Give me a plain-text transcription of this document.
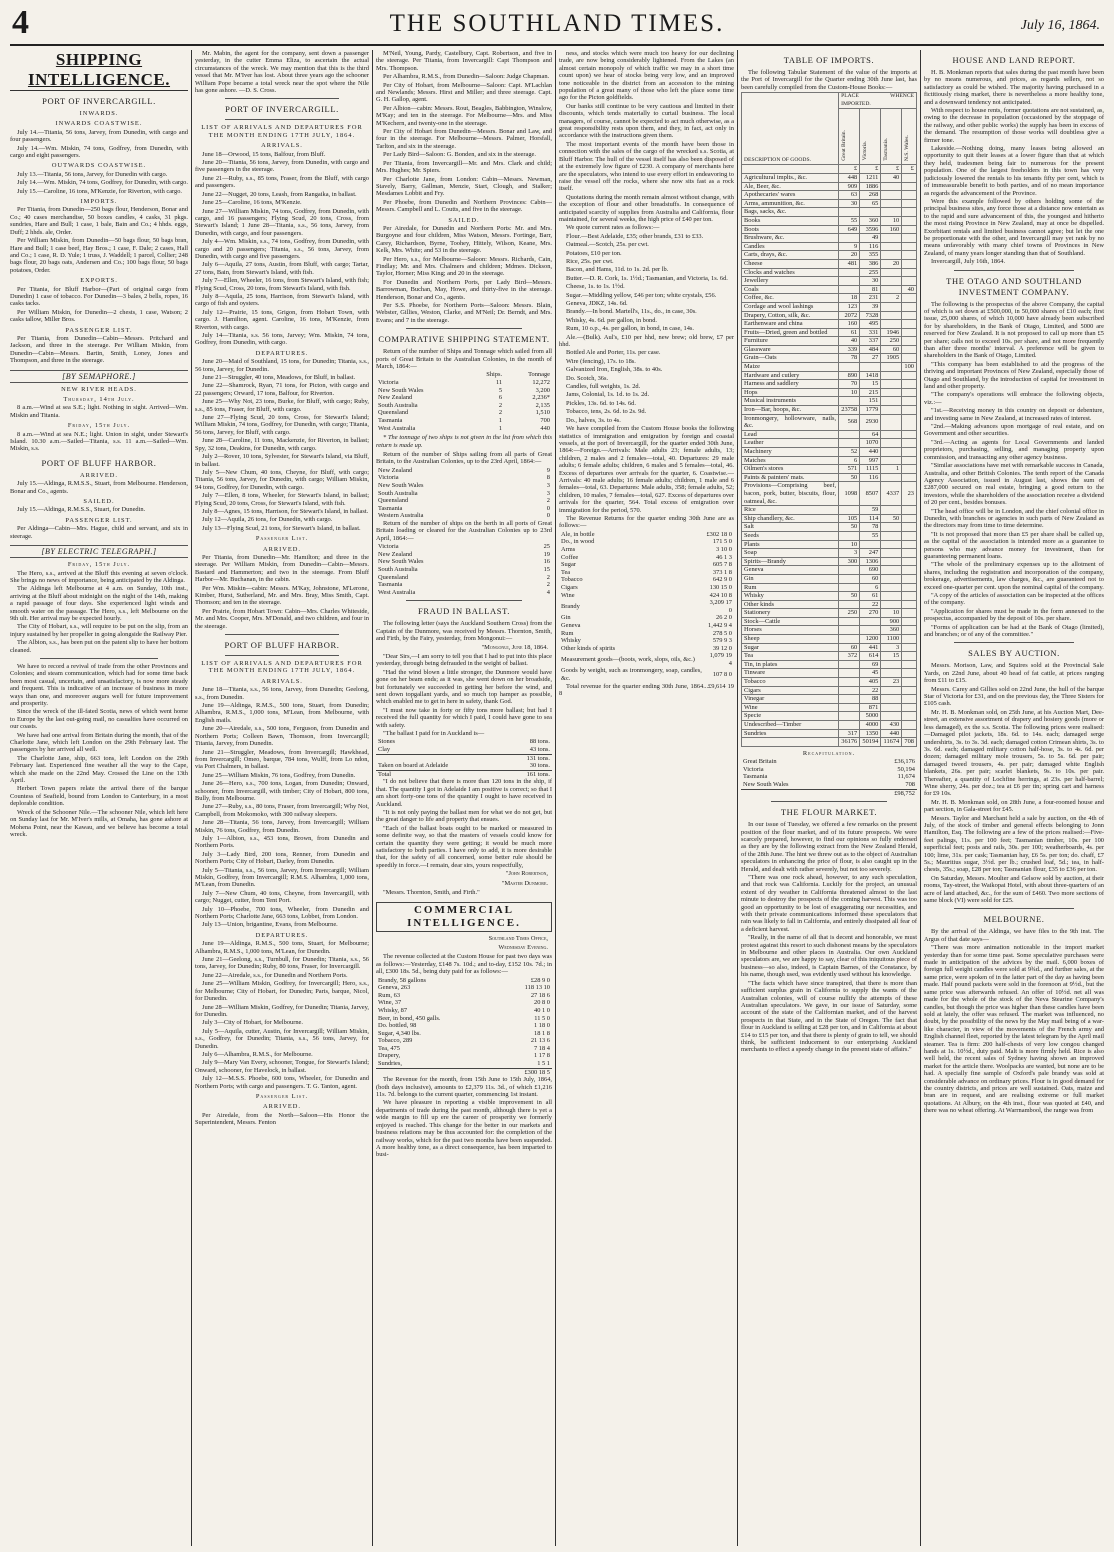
4	THE SOUTHLAND TIMES.	July 16, 1864.
SHIPPING INTELLIGENCE.
PORT OF INVERCARGILL.
INWARDS.
INWARDS COASTWISE.

July 14.—Titania, 56 tons, Jarvey, from Dunedin, with cargo and four passengers.

July 14.—Wm. Miskin, 74 tons, Godfrey, from Dunedin, with cargo and eight passengers.

OUTWARDS COASTWISE.

July 13.—Titania, 56 tons, Jarvey, for Dunedin with cargo.

July 14.—Wm. Miskin, 74 tons, Godfrey, for Dunedin, with cargo.

July 15.—Caroline, 16 tons, M'Kenzie, for Riverton, with cargo.

IMPORTS.

Per Titania, from Dunedin—250 bags flour, Henderson, Bonar and Co.; 40 cases merchandise, 50 boxes candles, 4 casks, 31 pkgs. sundries, Hare and Bull; 1 case, 1 bale, Bain and Co.; 4 hhds. eggs, Duff; 2 hhds. ale, Order.

Per William Miskin, from Dunedin—50 bags flour, 50 bags bran, Hare and Bull; 1 case beef, Hay Bros.; 1 case, F. Dale; 2 cases, Hall and Co.; 1 case, R. D. Yule; 1 truss, J. Waddell; 1 parcel, Collier; 248 bags flour, 20 bags oats, Andersen and Co.; 100 bags flour, 50 bags potatoes, Order.

EXPORTS.

Per Titania, for Bluff Harbor—(Part of original cargo from Dunedin) 1 case of tobacco. For Dunedin—3 bales, 2 bells, ropes, 16 casks tacks.

Per William Miskin, for Dunedin—2 chests, 1 case, Watson; 2 casks tallow, Miller Bros.

PASSENGER LIST.

Per Titania, from Dunedin—Cabin—Messrs. Pritchard and Jackson, and three in the steerage. Per William Miskin, from Dunedin—Cabin—Messrs. Bartin, Smith, Loney, Jones and Thompson, and three in the steerage.

[BY SEMAPHORE.]
NEW RIVER HEADS.
Thursday, 14th July.

8 a.m.—Wind at sea S.E.; light. Nothing in sight. Arrived—Wm. Miskin and Titania.

Friday, 15th July.

8 a.m.—Wind at sea N.E.; light. Union in sight, under Stewart's Island. 10.30 a.m.—Sailed—Titania, s.s. 11 a.m.—Sailed—Wm. Miskin, s.s.

PORT OF BLUFF HARBOR.
ARRIVED.

July 15.—Aldinga, R.M.S.S., Stuart, from Melbourne. Henderson, Bonar and Co., agents.

SAILED.

July 15.—Aldinga, R.M.S.S., Stuart, for Dunedin.

PASSENGER LIST.

Per Aldinga—Cabin—Mrs. Hague, child and servant, and six in steerage.

[BY ELECTRIC TELEGRAPH.]
Friday, 15th July.

The Hero, s.s., arrived at the Bluff this evening at seven o'clock. She brings no news of importance, being anticipated by the Aldinga.

The Aldinga left Melbourne at 4 a.m. on Sunday, 10th inst., arriving at the Bluff about midnight on the night of the 14th, making a rapid passage of four days. She experienced light winds and smooth water on the passage. The Hero, s.s., left Melbourne on the 9th ult. Her arrival may be expected hourly.

The City of Hobart, s.s., will require to be put on the slip, from an injury sustained by her propeller in going alongside the Railway Pier.

The Albion, s.s., has been put on the patent slip to have her bottom cleaned.

We have to record a revival of trade from the other Provinces and Colonies; and steam communication, which had for some time back been most casual, uncertain, and unsatisfactory, is now more steady and frequent. This is indicative of an increase of business in more ways than one, and moreover augurs well for future improvement and prosperity.

Since the wreck of the ill-fated Scotia, news of which went home to Europe by the last out-going mail, no casualties have occurred on our coasts.

We have had one arrival from Britain during the month, that of the Charlotte Jane, which left London on the 29th February last. The passengers by her arrived all well.

The Charlotte Jane, ship, 663 tons, left London on the 29th February last. Experienced fine weather all the way to the Cape, which she made on the 22nd May. Crossed the Line on the 13th April.

Herbert Town papers relate the arrival there of the barque Countess of Seafield, bound from London to Canterbury, in a most deplorable condition.

Wreck of the Schooner Nile.—The schooner Nile, which left here on Sunday last for Mr. M'Iver's mills, at Omaha, has gone ashore at Mohena Point, near the Kawau, and we believe has become a total wreck.

Mr. Mabin, the agent for the company, sent down a passenger yesterday, in the cutter Emma Eliza, to ascertain the actual circumstances of the wreck. We may mention that this is the third vessel that Mr. M'Iver has lost. About three years ago the schooner William Pope became a total wreck near the spot where the Nile has gone ashore. —D. S. Cross.

PORT OF INVERCARGILL.
LIST OF ARRIVALS AND DEPARTURES FOR THE MONTH ENDING 17TH JULY, 1864.
ARRIVALS.

June 18—Orwood, 15 tons, Balfour, from Bluff.

June 20—Titania, 56 tons, Jarvey, from Dunedin, with cargo and five passengers in the steerage.

June 21—Ruby, s.s., 85 tons, Fraser, from the Bluff, with cargo and passengers.

June 22—Nugget, 20 tons, Leash, from Rangaika, in ballast.

June 25—Caroline, 16 tons, M'Kenzie.

June 27—William Miskin, 74 tons, Godfrey, from Dunedin, with cargo, and 16 passengers; Flying Scud, 20 tons, Cross, from Stewart's Island; 1 June 28—Titania, s.s., 56 tons, Jarvey, from Dunedin, with cargo, and four passengers.

July 4—Wm. Miskin, s.s., 74 tons, Godfrey, from Dunedin, with cargo and 20 passengers; Titania, s.s., 56 tons, Jarvey, from Dunedin, with cargo and five passengers.

July 6—Aquila, 27 tons, Austin, from Bluff, with cargo; Tartar, 27 tons, Bain, from Stewart's Island, with fish.

July 7—Ellen, Wheeler, 16 tons, from Stewart's Island, with fish; Flying Scud, Cross, 20 tons, from Stewart's Island, with fish.

July 8—Aquila, 25 tons, Harrison, from Stewart's Island, with cargo of fish and oysters.

July 12—Prairie, 15 tons, Grigon, from Hobart Town, with cargo. J. Hamilton, agent. Caroline, 16 tons, M'Kenzie, from Riverton, with cargo.

July 14—Titania, s.s. 56 tons, Jarvey; Wm. Miskin, 74 tons, Godfrey, from Dunedin, with cargo.

DEPARTURES.

June 20—Maid of Southland, 15 tons, for Dunedin; Titania, s.s., 56 tons, Jarvey, for Dunedin.

June 21—Struggler, 40 tons, Meadows, for Bluff, in ballast.

June 22—Shamrock, Ryan, 71 tons, for Picton, with cargo and 22 passengers; Orward, 17 tons, Balfour, for Riverton.

June 25—Why Not, 23 tons, Burke, for Bluff, with cargo; Ruby, s.s., 85 tons, Fraser, for Bluff, with cargo.

June 27—Flying Scud, 20 tons, Cross, for Stewart's Island; William Miskin, 74 tons, Godfrey, for Dunedin, with cargo; Titania, 56 tons, Jarvey, for Bluff, with cargo.

June 28—Caroline, 11 tons, Mackenzie, for Riverton, in ballast; Spy, 32 tons, Deakins, for Dunedin, with cargo.

July 2—Rover, 10 tons, Sylvester, for Stewart's Island, via Bluff, in ballast.

July 5—New Chum, 40 tons, Cheyne, for Bluff, with cargo; Titania, 56 tons, Jarvey, for Dunedin, with cargo; William Miskin, 94 tons, Godfrey, for Dunedin, with cargo.

July 7—Ellen, 8 tons, Wheeler, for Stewart's Island, in ballast; Flying Scud, 20 tons, Cross, for Stewart's Island, with fish.

July 8—Agnes, 15 tons, Harrison, for Stewart's Island, in ballast.

July 12—Aquila, 26 tons, for Dunedin, with cargo.

July 13—Flying Scud, 21 tons, for Stewart's Island, in ballast.

Passenger List.
ARRIVED.

Per Titania, from Dunedin—Mr. Hamilton; and three in the steerage. Per William Miskin, from Dunedin—Cabin—Messrs. Bastard and Hammerton; and two in the steerage. From Bluff Harbor—Mr. Buchanan, in the cabin.

Per Wm. Miskin—cabin: Messrs. M'Kay, Johnstone, M'Lerone, Kimber, Hurst, Sutherland, Mr. and Mrs. Bray, Miss Smith, Capt. Thomson; and ten in the steerage.

Per Prairie, from Hobart Town: Cabin—Mrs. Charles Whiteside, Mr. and Mrs. Cooper, Mrs. M'Donald, and two children, and four in the steerage.

PORT OF BLUFF HARBOR.
LIST OF ARRIVALS AND DEPARTURES FOR THE MONTH ENDING 17TH JULY, 1864.
ARRIVALS.

June 18—Titania, s.s., 56 tons, Jarvey, from Dunedin; Geelong, s.s., from Dunedin.

June 19—Aldinga, R.M.S., 500 tons, Stuart, from Dunedin; Alhambra, R.M.S., 1,000 tons, M'Lean, from Melbourne, with English mails.

June 20—Airedale, s.s., 500 tons, Ferguson, from Dunedin and Northern Ports; Colleen Bawn, Thomson, from Invercargill; Titania, Jarvey, from Dunedin.

June 21—Struggler, Meadows, from Invercargill; Hawkhead, from Invercargill; Omeo, barque, 784 tons, Wulff, from Lo ndon, via Port Chalmers, in ballast.

June 25—William Miskin, 76 tons, Godfrey, from Dunedin.

June 26—Hero, s.s., 700 tons, Logan, from Dunedin; Onward, schooner, from Invercargill, with timber; City of Hobart, 800 tons, Bully, from Melbourne.

June 27—Ruby, s.s., 80 tons, Fraser, from Invercargill; Why Not, Campbell, from Mokomoko, with 300 railway sleepers.

June 28—Titania, 56 tons, Jarvey, from Invercargill; William Miskin, 76 tons, Godfrey, from Dunedin.

July 1—Albion, s.s., 453 tons, Brown, from Dunedin and Northern Ports.

July 3—Lady Bird, 200 tons, Renner, from Dunedin and Northern Ports; City of Hobart, Darley, from Dunedin.

July 5—Titania, s.s., 56 tons, Jarvey, from Invercargill; William Miskin, Godfrey, from Invercargill; R.M.S. Alhambra, 1,000 tons, M'Lean, from Dunedin.

July 7—New Chum, 40 tons, Cheyne, from Invercargill, with cargo; Nugget, cutter, from Tent Port.

July 10—Phoebe, 700 tons, Wheeler, from Dunedin and Northern Ports; Charlotte Jane, 663 tons, Lobbet, from London.

July 13—Union, brigantine, Evans, from Melbourne.

DEPARTURES.

June 19—Aldinga, R.M.S., 500 tons, Stuart, for Melbourne; Alhambra, R.M.S., 1,000 tons, M'Lean, for Dunedin.

June 21—Geelong, s.s., Turnbull, for Dunedin; Titania, s.s., 56 tons, Jarvey, for Dunedin; Ruby, 80 tons, Fraser, for Invercargill.

June 22—Airedale, s.s., for Dunedin and Northern Ports.

June 25—William Miskin, Godfrey, for Invercargill; Hero, s.s., for Melbourne; City of Hobart, for Dunedin; Paris, barque, Nicol, for Dunedin.

June 28—William Miskin, Godfrey, for Dunedin; Titania, Jarvey, for Dunedin.

July 3—City of Hobart, for Melbourne.

July 5—Aquila, cutter, Austin, for Invercargill; William Miskin, s.s., Godfrey, for Dunedin; Titania, s.s., 56 tons, Jarvey, for Dunedin.

July 6—Alhambra, R.M.S., for Melbourne.

July 9—Mary Van Every, schooner, Tongue, for Stewart's Island; Onward, schooner, for Havelock, in ballast.

July 12—M.S.S. Phoebe, 600 tons, Wheeler, for Dunedin and Northern Ports; with cargo and passengers. T. G. Tanton, agent.

Passenger List.
ARRIVED.

Per Airedale, from the North—Saloon—His Honor the Superintendent, Messrs. Fenton

M'Neil, Young, Pardy, Castelbury, Capt. Robertson, and five in the steerage. Per Titania, from Invercargill: Capt Thompson and Mrs. Thompson.

Per Alhambra, R.M.S., from Dunedin—Saloon: Judge Chapman.

Per City of Hobart, from Melbourne—Saloon: Capt. M'Lachlan and Newlands; Messrs. Hirst and Miller; and three steerage. Capt. G. H. Gallop, agent.

Per Albion—cabin: Messrs. Rout, Beagles, Babbington, Winslow, M'Kay; and ten in the steerage. For Melbourne—Mrs. and Miss M'Kechern, and twenty-one in the steerage.

Per City of Hobart from Dunedin—Messrs. Bonar and Law, and four in the steerage. For Melbourne—Messrs. Palmer, Horsfall, Tarlton, and six in the steerage.

Per Lady Bird—Saloon: G. Bonden, and six in the steerage.

Per Titania, from Invercargill—Mr. and Mrs. Clark and child; Mrs. Hughes; Mr. Spiers.

Per Charlotte Jane, from London: Cabin—Messrs. Newman, Stavely, Barry, Gallman, Menzie, Start, Clough, and Stalker; Mesdames Lobbit and Fry.

Per Phoebe, from Dunedin and Northern Provinces: Cabin—Messrs. Campbell and L. Coutts, and five in the steerage.

SAILED.

Per Airedale, for Dunedin and Northern Ports: Mr. and Mrs. Burgoyne and four children, Miss Watson, Messrs. Fortinge, Barr, Carey, Richardson, Byrne, Toohey, Hittely, Wilson, Keane, Mrs. Kelk, Mrs. White; and 53 in the steerage.

Per Hero, s.s., for Melbourne—Saloon: Messrs. Richards, Cain, Findlay; Mr. and Mrs. Chalmers and children; Mdmes. Dickson, Taylor, Horner; Miss King; and 20 in the steerage.

For Dunedin and Northern Ports, per Lady Bird—Messrs. Barrowman, Buchan, May, Howe, and thirty-five in the steerage. Henderson, Bonar and Co., agents.

Per S.S. Phoebe, for Northern Ports—Saloon: Messrs. Blain, Webster, Gillies, Weston, Clarke, and M'Neil; Dr. Berndt, and Mrs. Evans; and 7 in the steerage.

COMPARATIVE SHIPPING STATEMENT.

Return of the number of Ships and Tonnage which sailed from all ports of Great Britain to the Australian Colonies, in the month of March, 1864:—

	Ships.	Tonnage
Victoria	11	12,272
New South Wales	5	3,200
New Zealand	6	2,236*
South Australia	2	2,135
Queensland	2	1,510
Tasmania	1	700
West Australia	1	440

* The tonnage of two ships is not given in the list from which this return is made up.

Return of the number of Ships sailing from all parts of Great Britain, to the Australian Colonies, up to the 23rd April, 1864:—

New Zealand	9
Victoria	8
New South Wales	3
South Australia	3
Queensland	2
Tasmania	0
Western Australia	0

Return of the number of ships on the berth in all ports of Great Britain loading or cleared for the Australian Colonies up to 23rd April, 1864:—

Victoria	25
New Zealand	19
New South Wales	16
South Australia	15
Queensland	2
Tasmania	2
West Australia	4
FRAUD IN BALLAST.

The following letter (says the Auckland Southern Cross) from the Captain of the Dunmore, was received by Messrs. Thornton, Smith, and Firth, by the Fairy, yesterday, from Mongonui:—

"Mongonui, June 18, 1864.

"Dear Sirs,—I am sorry to tell you that I had to put into this place yesterday, through being defrauded in the weight of ballast.

"Had the wind blown a little stronger, the Dunmore would have gone on her beam ends; as it was, she went down on her broadside, but fortunately we succeeded in getting her before the wind, and sent down topgallant yards, and so much top hamper as possible, which enabled me to get in here in safety, thank God.

"I must now take in forty or fifty tons more ballast; but had I received the full quantity for which I paid, I could have gone to sea with safety.

"The ballast I paid for in Auckland is—

Stones	88 tons.
Clay	43 tons.
	131 tons.
Taken on board at Adelaide	30 tons.
Total	161 tons.

"I do not believe that there is more than 120 tons in the ship, if that. The quantity I got in Adelaide I am positive is correct; so that I am short forty-one tons of the quantity I ought to have received in Auckland.

"It is not only paying the ballast men for what we do not get, but the great danger to life and property that ensues.

"Each of the ballast boats ought to be marked or measured in some definite way, so that the masters of vessels could know for certain the quantity they were getting; it would be much more satisfactory to both parties. I have only to add, it is more desirable that, for the safety of all concerned, some better rule should be speedily in force.—I remain, dear sirs, yours respectfully,

"John Robertson,

"Master Dunmore.

"Messrs. Thornton, Smith, and Firth."

COMMERCIAL INTELLIGENCE.

Southland Times Office,

Wednesday Evening.

The revenue collected at the Custom House for past two days was as follows:—Yesterday, £148 7s. 10d.; and to-day, £152 10s. 7d.; in all, £300 18s. 5d., being duty paid for as follows:—

Brandy, 58 gallons	£28 9 0
Geneva, 263	118 13 10
Rum, 63	27 18 6
Wine, 37	20 8 0
Whisky, 87	40 1 0
Beer, in bond, 450 galls.	11 5 0
Do. bottled, 98	1 18 0
Sugar, 4,340 lbs.	18 1 8
Tobacco, 289	21 13 6
Tea, 475	7 18 4
Drapery,	1 17 8
Sundries,	1 5 1
	£300 18 5

The Revenue for the month, from 15th June to 15th July, 1864, (both days inclusive), amounts to £2,379 11s. 3d., of which £1,216 11s. 7d. belongs to the current quarter, commencing 1st instant.

We have pleasure in reporting a visible improvement in all departments of trade during the past month, although there is yet a wide margin to fill up ere the career of prosperity we formerly enjoyed is reached. This change for the better in our markets and business relations may be thus accounted for: the completion of the railway works, which for the past two months have been suspended. A more healthy tone, as a direct consequence, has been imparted to busi-

ness, and stocks which were much too heavy for our declining trade, are now being considerably lightened. From the Lakes (an almost certain monopoly of which traffic we may in a short time count upon) we hear of stocks being very low, and an improved tone noticeable in the district from an accession to the mining population of a great many of those who left the place some time ago for the Picton goldfields.

Our banks still continue to be very cautious and limited in their discounts, which tends materially to curtail business. The local managers, of course, cannot be expected to act much otherwise, as a great responsibility rests upon them, and they, in fact, act only in accordance with the instructions given them.

The most important events of the month have been those in connection with the sales of the cargo of the wrecked s.s. Scotia, at Bluff Harbor. The hull of the vessel itself has also been disposed of at the extremely low figure of £230. A company of merchants here are the speculators, who intend to use every effort in endeavoring to raise the vessel off the rocks, where she now sits fast as a rock itself.

Quotations during the month remain almost without change, with the exception of flour and other breadstuffs. In consequence of anticipated scarcity of supplies from Australia and California, flour maintained, for several weeks, the high price of £40 per ton.

We quote current rates as follows:—

Flour.—Best Adelaide, £35; other brands, £31 to £33.

Oatmeal.—Scotch, 25s. per cwt.

Potatoes, £10 per ton.

Rice, 25s. per cwt.

Bacon, and Hams, 11d. to 1s. 2d. per lb.

Butter.—D. R. Cork, 1s. 1½d.; Tasmanian, and Victoria, 1s. 6d.

Cheese, 1s. to 1s. 1½d.

Sugar.—Middling yellow, £46 per ton; white crystals, £56.

Geneva, JDKZ, 14s. 6d.

Brandy.—In bond. Martell's, 11s., do., in case, 30s.

Whisky, 4s. 6d. per gallon, in bond.

Rum, 10 o.p., 4s. per gallon, in bond, in case, 14s.

Ale.—(Bulk). Aul's, £10 per hhd, new brew; old brew, £7 per hhd.

Bottled Ale and Porter, 11s. per case.

Wire (fencing), 17s. to 18s.

Galvanized Iron, English, 38s. to 40s.

Do. Scotch, 36s.

Candles, full weights, 1s. 2d.

Jams, Colonial, 1s. 1d. to 1s. 2d.

Pickles, 13s. 6d. to 14s. 6d.

Tobacco, tens, 2s. 6d. to 2s. 9d.

Do., halves, 3s. to 4s.

We have compiled from the Custom House books the following statistics of immigration and emigration by foreign and coastal vessels, at the port of Invercargill, for the quarter ended 30th June, 1864:—Foreign.—Arrivals: Male adults 23; female adults, 13; children, 2 males and 2 females—total, 40. Departures: 29 male adults; 6 female adults; children, 6 males and 5 females—total, 46. Excess of departures over arrivals for the quarter, 6. Coastwise.—Arrivals: 40 male adults; 16 female adults; children, 1 male and 6 females—total, 63. Departures: Male adults, 358; female adults, 52; children, 10 males, 7 females—total, 627. Excess of departures over arrivals for the quarter, 564. Total excess of emigration over immigration for the period, 570.

The Revenue Returns for the quarter ending 30th June are as follows:—

Ale, in bottle	£302 18 0
Do., in wood	171 5 0
Arms	3 10 0
Coffee	46 1 3
Sugar	605 7 8
Tea	373 1 8
Tobacco	642 9 0
Cigars	130 15 0
Wine	424 10 8
Brandy	3,209 17 0
Gin	26 2 0
Geneva	1,442 9 4
Rum	278 5 0
Whisky	579 9 3
Other kinds of spirits	39 12 0
Measurement goods—(boots, work, slops, oils, &c.)	1,079 19 4
Goods by weight, such as ironmongery, soap, candles, &c.	107 8 0

Total revenue for the quarter ending 30th June, 1864...£9,614 19 8

TABLE OF IMPORTS.

The following Tabular Statement of the value of the imports at the Port of Invercargill for the Quarter ending 30th June last, has been carefully compiled from the Custom-House Books:—

DESCRIPTION OF GOODS.	PLACE WHENCE IMPORTED.			
	Great Britain.	Victoria.	Tasmania.	N.S. Wales.
	£	£	£	£
Agricultural implts., &c.	448	1211	40	
Ale, Beer, &c.	909	1886		
Apothecaries' wares	63	268		
Arms, ammunition, &c.	30	65		
Bags, sacks, &c.				
Books	55	360	10	
Boots	649	3596	160	
Brushware, &c.		49		
Candles	9	116		
Carts, drays, &c.	20	355		
Cheese	481	386	20	
Clocks and watches		255		
Jewellery		30		
Coals		81		40
Coffee, &c.	18	231	2	
Cordage and wool lashings	123	39		
Drapery, Cotton, silk, &c.	2072	7328		
Earthenware and china	160	495		
Fruits—Dried, green and bottled	61	331	1946	
Furniture	40	337	250	
Glassware	339	484	60	
Grain—Oats	78	27	1905	
Maize				100
Hardware and cutlery	890	1418		
Harness and saddlery	70	15		
Hops	10	215		
Musical instruments		151		
Iron—Bar, hoops, &c.	23758	1779		
Ironmongery, hollowware, nails, &c.	568	2930		
Lead		64		
Leather		1070		
Machinery	52	440		
Matches	6	997		
Oilmen's stores	571	1115	1	
Paints & painters' mats.	50	116		
Provisions—Comprising beef, bacon, pork, butter, biscuits, flour, oatmeal, &c.	1098	8507	4337	23
Rice		59		
Ship chandlery, &c.	105	114	50	
Salt	50	78		
Seeds		55		
Plants	10			
Soap	3	247		
Spirits—Brandy	300	1306		
Geneva		690		
Gin		60		
Rum		6		
Whisky	50	61		
Other kinds		22		
Stationery	250	270	10	
Stock—Cattle			900	
Horses			360	
Sheep		1200	1100	
Sugar	60	441	3	
Tea	372	614	15	
Tin, in plates		69		
Tinware		45		
Tobacco		405	23	
Cigars		22		
Vinegar		88		
Wine		871		
Specie		5000		
Undescribed—Timber		4000	430	
Sundries	317	1350	440	
	36176	50194	11674	708
Recapitulation.
Great Britain	£36,176
Victoria	50,194
Tasmania	11,674
New South Wales	708
	£98,752
THE FLOUR MARKET.

In our issue of Tuesday, we offered a few remarks on the present position of the flour market, and of its future prospects. We were scarcely prepared, however, to find our opinions so fully endorsed as they are by the following extract from the New Zealand Herald, of the 28th June. The hint we threw out as to the object of Australian speculators in enhancing the price of flour, is also caught up in the Herald, and dealt with rather severely, but not too severely.

"There was one rock ahead, however, to any such speculation, and that rock was California. Luckily for the project, an unusual extent of dry weather in California threatened almost to the last minute to destroy the prospects of the coming harvest. This was too good an opportunity to be lost of exaggerating our necessities, and with their private communications informed these speculators that rain was likely to fall in California, and entirely dissipated all fear of a deficient harvest.

"Really, in the name of all that is decent and honorable, we must protest against this resort to such dishonest means by the speculators in Melbourne and other places in Australia. Our own Auckland speculators are, we are happy to say, clear of this iniquitous piece of business—so also, indeed, is Captain Barnes, of the Constance, by his name, though used, was evidently used without his knowledge.

"The facts which have since transpired, that there is more than sufficient surplus grain in California to supply the wants of the Australian colonies, will of course nullify the attempts of these Australian speculators. We gave, in our issue of Saturday, some account of the state of the Californian market, and of the harvest prospects in that State, and in the State of Oregon. The fact that flour in Auckland is selling at £28 per ton, and in California at about £14 to £15 per ton, and that there is plenty of grain to tell, we should think, be sufficient inducement to our enterprising Auckland merchants to effect a speedy change in the present state of affairs."

HOUSE AND LAND REPORT.

H. B. Monkman reports that sales during the past month have been by no means numerous, and prices, as regards sellers, not so satisfactory as could be wished. The majority having purchased in a fictitiously rising market, there is nevertheless a more healthy tone, and a downward tendency not anticipated.

With respect to house rents, former quotations are not sustained, as, owing to the decrease in population (occasioned by the stoppage of the railway, and other public works) the supply has been in excess of the demand. The resumption of those works will doubtless give a firmer tone.

Lakeside.—Nothing doing, many leases being allowed an opportunity to quit their leases at a lower figure than that at which they held, tradesmen being fair to numerous for the present population. One of the largest freeholders in this town has very judiciously lowered the rentals to his tenants fifty per cent, which is of immeasurable benefit to both parties, and of no mean importance as regards the advancement of the Province.

Were this example followed by others holding some of the principal business sites, any force those at a distance now entertain as to the rapid and sure advancement of this, the youngest and hitherto the most rising Province in New Zealand, may at once be dispelled. Exorbitant rentals and limited business cannot agree; but let the one be proportionate with the other, and Invercargill may yet rank by no means unfavorably with many chief towns of Provinces in New Zealand, of many years longer standing than that of Southland.

Invercargill, July 16th, 1864.

THE OTAGO AND SOUTHLAND INVESTMENT COMPANY.

The following is the prospectus of the above Company, the capital of which is set down at £500,000, in 50,000 shares of £10 each; first issue, 25,000 shares, of which 10,000 have already been subscribed for by shareholders, in the Bank of Otago, Limited, and 5000 are reserved for New Zealand. It is not proposed to call up more than £5 per share; calls not to exceed 10s. per share, and not more frequently than after three months' interval. A preference will be given to shareholders in the Bank of Otago, Limited.

"This company has been established to aid the progress of the thriving and important Provinces of New Zealand, especially those of Otago and Southland, by the introduction of capital for investment in land and other property.

"The company's operations will embrace the following objects, viz.:—

"1st.—Receiving money in this country on deposit or debenture, and investing same in New Zealand, at increased rates of interest.

"2nd.—Making advances upon mortgage of real estate, and on Government and other securities.

"3rd.—Acting as agents for Local Governments and landed proprietors, purchasing, selling, and managing property upon commission, and transacting any other agency business.

"Similar associations have met with remarkable success in Canada, Australia, and other British Colonies. The tenth report of the Canada Agency Association, issued in August last, shows the sum of £287,000 secured on real estate, bringing a good return to the investors, while the shareholders of the association receive a dividend of 20 per cent., besides bonuses.

"The head office will be in London, and the chief colonial office in Dunedin, with branches or agencies in such parts of New Zealand as the directors may from time to time determine.

"It is not proposed that more than £5 per share shall be called up, as the capital of the association is intended more as a guarantee to persons who may advance money for investment, than for guaranteeing permanent loans.

"The whole of the preliminary expenses up to the allotment of shares, including the registration and incorporation of the company, brokerage, advertisements, law charges, &c., are guaranteed not to exceed one-quarter per cent. upon the nominal capital of the company.

"A copy of the articles of association can be inspected at the offices of the company.

"Application for shares must be made in the form annexed to the prospectus, accompanied by the deposit of 10s. per share.

"Forms of application can be had at the Bank of Otago (limited), and branches; or of any of the committee."

SALES BY AUCTION.

Messrs. Morison, Law, and Squires sold at the Provincial Sale Yards, on 22nd June, about 40 head of fat cattle, at prices ranging from £11 to £15.

Messrs. Carey and Gillies sold on 22nd June, the hull of the barque Star of Victoria for £31, and on the previous day, the Three Sisters for £105 cash.

Mr. H. B. Monkman sold, on 25th June, at his Auction Mart, Dee-street, an extensive assortment of drapery and hosiery goods (more or less damaged), ex the s.s. Scotia. The following prices were realised:—Damaged pilot jackets, 18s. 6d. to 14s. each; damaged serge undershirts, 3s. to 3s. 3d. each; damaged cotton Crimean shirts, 3s. to 3s. 6d. each; damaged military cotton half-hose, 3s. to 4s. 6d. per dozen; damaged military mole trousers, 5s. to 5s. 6d. per pair; damaged tweed trousers, 4s. per pair; damaged white English blankets, 26s. per pair; scarlet blankets, 9s. to 10s. per pair. Thereafter, a quantity of Lochfine herrings, at 23s. per half-barrel; Wine sherry, 24s. per doz.; tea at £6 per tin; spring cart and harness for £9 10s.

Mr. H. B. Monkman sold, on 28th June, a four-roomed house and part section, in Gala-street for £45.

Messrs. Taylor and Marchant held a sale by auction, on the 4th of July, of the stock of timber and general effects belonging to Jonn Hamilton, Esq. The following are a few of the prices realised:—Five-feet palings, 11s. per 100 feet; Tasmanian timber, 10s. per 100 superficial feet; posts and rails, 30s. per 100; weatherboards, 4s. per 100; lime, 31s. per cask; Tasmanian hay, £6 5s. per ton; do. chaff, £7 5s.; Mauritius sugar, 3½d. per lb.; crushed loaf, 5d.; tea, in half-chests, 35s.; soap, £28 per ton; Tasmanian flour, £35 to £36 per ton.

On Saturday, Messrs. Moulter and Gelsow sold by auction, at their rooms, Tay-street, the Waikopai Hotel, with about three-quarters of an acre of land attached, &c., for the sum of £460. Two more sections of same block (VI) were sold for £25.

MELBOURNE.

By the arrival of the Aldinga, we have files to the 9th inst. The Argus of that date says—

"There was more animation noticeable in the import market yesterday than for some time past. Some speculative purchases were made in anticipation of the advices by the mail. 6,000 boxes of foreign full weight candles were sold at 9¾d., and further sales, at the same price, were spoken of in the latter part of the day as having been made. Half pound packets were sold in the forenoon at 9½d., but the same price was afterwards refused. An offer of 10½d. net all was made for the whole of the stock of the Neva Stearine Company's candles, but though the price was higher than these candles have been sold at lately, the offer was refused. The market was influenced, no doubt, by the possibility of the news by the May mail being of a war-like character, in view of the movements of the French army and English channel fleet, reported by the latest telegram by the April mail steamer. Tea is firm: 200 half-chests of very low congou changed hands at 1s. 10½d., duty paid. Malt is more firmly held. Rice is also well held, the recent sales of Sydney having shown an improved market for the article there. Woolpacks are wanted, but none are to be had. A specially fine sample of Oxford's pale brandy was sold at considerable advance on ordinary prices. Flour is in good demand for the country districts, and prices are well sustained. Oats, maize and bran are in request, and are realising extreme or full market quotations. At Albury, on the 4th inst., flour was quoted at £40, and there was no wheat offering. At Warrnambool, the range was from
